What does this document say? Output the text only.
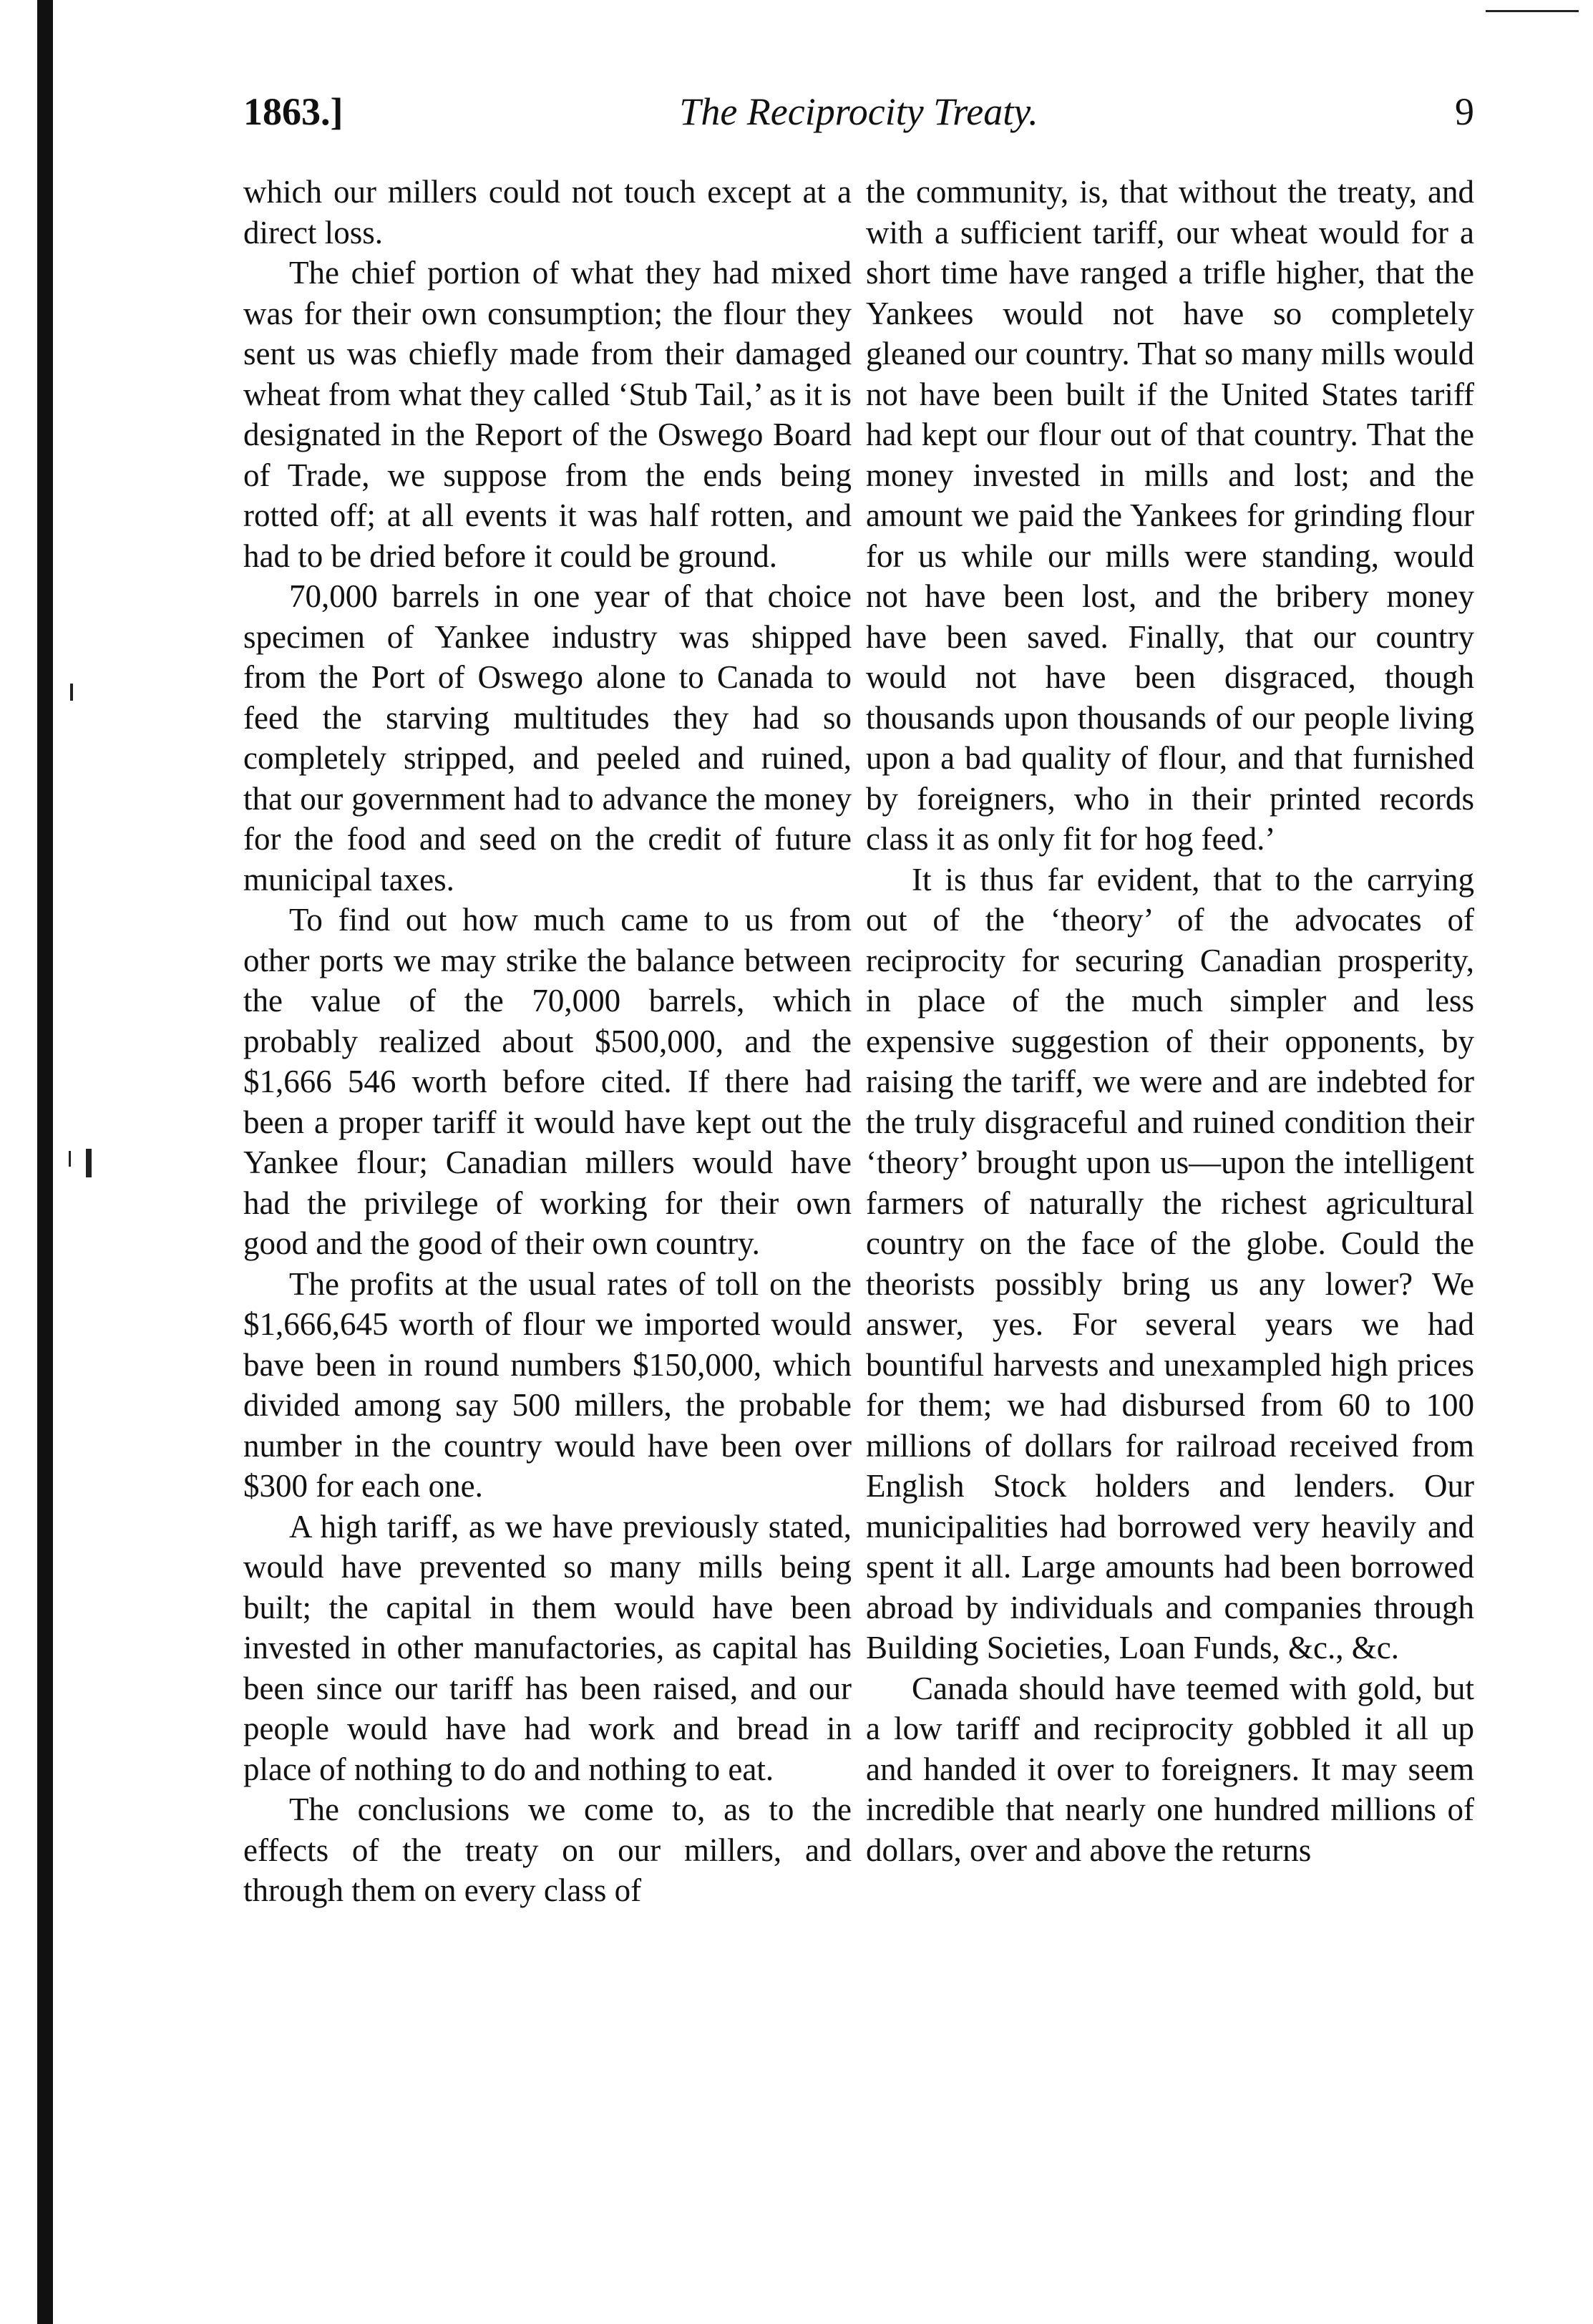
1863.]	The Reciprocity Treaty.	9

which our millers could not touch except at a direct loss.

The chief portion of what they had mixed was for their own consumption; the flour they sent us was chiefly made from their damaged wheat from what they called ‘Stub Tail,’ as it is designated in the Report of the Oswego Board of Trade, we suppose from the ends being rotted off; at all events it was half rotten, and had to be dried before it could be ground.

70,000 barrels in one year of that choice specimen of Yankee industry was shipped from the Port of Oswego alone to Canada to feed the starving multitudes they had so completely stripped, and peeled and ruined, that our government had to advance the money for the food and seed on the credit of future municipal taxes.

To find out how much came to us from other ports we may strike the balance between the value of the 70,000 barrels, which probably realized about $500,000, and the $1,666 546 worth before cited. If there had been a proper tariff it would have kept out the Yankee flour; Canadian millers would have had the privilege of working for their own good and the good of their own country.

The profits at the usual rates of toll on the $1,666,645 worth of flour we imported would bave been in round numbers $150,000, which divided among say 500 millers, the probable number in the country would have been over $300 for each one.

A high tariff, as we have previously stated, would have prevented so many mills being built; the capital in them would have been invested in other manufactories, as capital has been since our tariff has been raised, and our people would have had work and bread in place of nothing to do and nothing to eat.

The conclusions we come to, as to the effects of the treaty on our millers, and through them on every class of

the community, is, that without the treaty, and with a sufficient tariff, our wheat would for a short time have ranged a trifle higher, that the Yankees would not have so completely gleaned our country. That so many mills would not have been built if the United States tariff had kept our flour out of that country. That the money invested in mills and lost; and the amount we paid the Yankees for grinding flour for us while our mills were standing, would not have been lost, and the bribery money have been saved. Finally, that our country would not have been disgraced, though thousands upon thousands of our people living upon a bad quality of flour, and that furnished by foreigners, who in their printed records class it as only fit for hog feed.’

It is thus far evident, that to the carrying out of the ‘theory’ of the advocates of reciprocity for securing Canadian prosperity, in place of the much simpler and less expensive suggestion of their opponents, by raising the tariff, we were and are indebted for the truly disgraceful and ruined condition their ‘theory’ brought upon us—upon the intelligent farmers of naturally the richest agricultural country on the face of the globe. Could the theorists possibly bring us any lower? We answer, yes. For several years we had bountiful harvests and unexampled high prices for them; we had disbursed from 60 to 100 millions of dollars for railroad received from English Stock holders and lenders. Our municipalities had borrowed very heavily and spent it all. Large amounts had been borrowed abroad by individuals and companies through Building Societies, Loan Funds, &c., &c.

Canada should have teemed with gold, but a low tariff and reciprocity gobbled it all up and handed it over to foreigners. It may seem incredible that nearly one hundred millions of dollars, over and above the returns
